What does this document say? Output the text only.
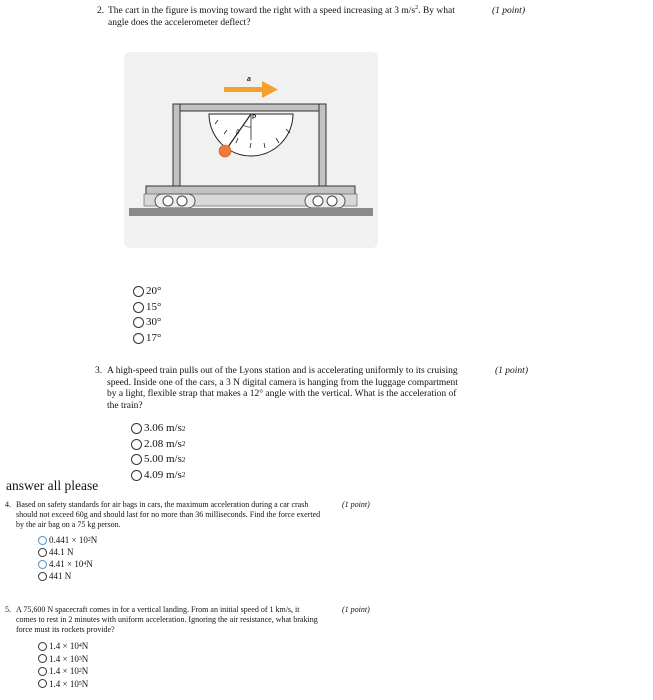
2. The cart in the figure is moving toward the right with a speed increasing at 3 $m/s^2$. By what
angle does the accelerometer deflect?
(1 point)
a
β
P
20°
15°
30°
17°
3. A high-speed train pulls out of the Lyons station and is accelerating uniformly to its cruising
speed. Inside one of the cars, a 3 N digital camera is hanging from the luggage compartment
by a light, flexible strap that makes a 12° angle with the vertical. What is the acceleration of
the train?
(1 point)
3.06 m/s 2
2.08 m/s 2
5.00 m/s 2
4.09 m/s 2
answer all please
4. Based on safety standards for air bags in cars, the maximum acceleration during a car crash
should not exceed 60g and should last for no more than 36 milliseconds. Find the force exerted
by the air bag on a 75 kg person.
(1 point)
0.441 × 10 2 N
44.1 N
4.41 × 10 4 N
441 N
5. A 75,600 N spacecraft comes in for a vertical landing. From an initial speed of 1 km/s, it
comes to rest in 2 minutes with uniform acceleration. Ignoring the air resistance, what braking
force must its rockets provide?
(1 point)
1.4 × 10 4 N
1.4 × 10 3 N
1.4 × 10 2 N
1.4 × 10 5 N
